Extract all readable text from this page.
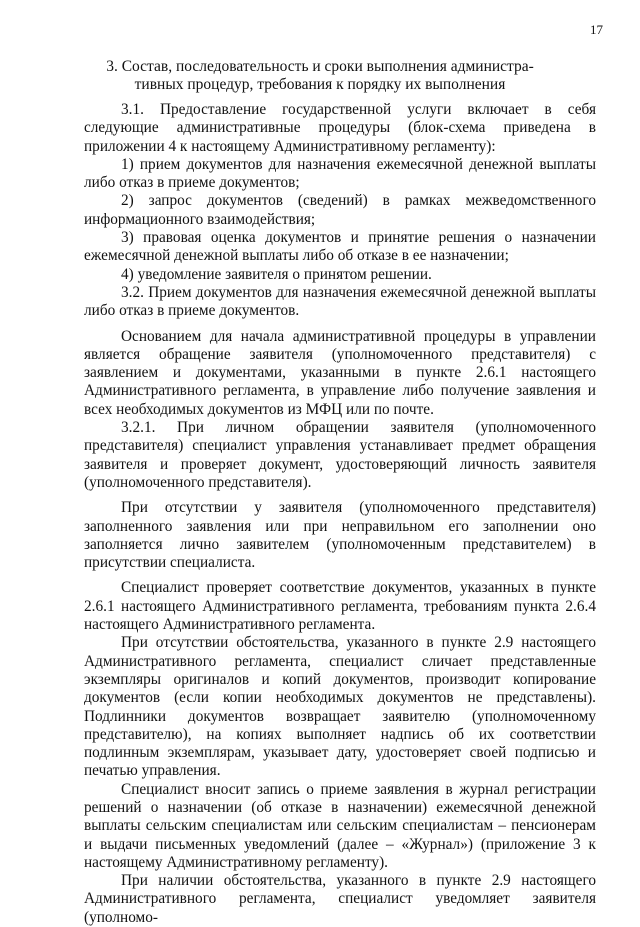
17
3. Состав, последовательность и сроки выполнения администра-
тивных процедур, требования к порядку их выполнения

3.1. Предоставление государственной услуги включает в себя следующие административные процедуры (блок-схема приведена в приложении 4 к настоящему Административному регламенту):

1) прием документов для назначения ежемесячной денежной выплаты либо отказ в приеме документов;

2) запрос документов (сведений) в рамках межведомственного информационного взаимодействия;

3) правовая оценка документов и принятие решения о назначении ежемесячной денежной выплаты либо об отказе в ее назначении;

4) уведомление заявителя о принятом решении.

3.2. Прием документов для назначения ежемесячной денежной выплаты либо отказ в приеме документов.

Основанием для начала административной процедуры в управлении является обращение заявителя (уполномоченного представителя) с заявлением и документами, указанными в пункте 2.6.1 настоящего Административного регламента, в управление либо получение заявления и всех необходимых документов из МФЦ или по почте.

3.2.1. При личном обращении заявителя (уполномоченного представителя) специалист управления устанавливает предмет обращения заявителя и проверяет документ, удостоверяющий личность заявителя (уполномоченного представителя).

При отсутствии у заявителя (уполномоченного представителя) заполненного заявления или при неправильном его заполнении оно заполняется лично заявителем (уполномоченным представителем) в присутствии специалиста.

Специалист проверяет соответствие документов, указанных в пункте 2.6.1 настоящего Административного регламента, требованиям пункта 2.6.4 настоящего Административного регламента.

При отсутствии обстоятельства, указанного в пункте 2.9 настоящего Административного регламента, специалист сличает представленные экземпляры оригиналов и копий документов, производит копирование документов (если копии необходимых документов не представлены). Подлинники документов возвращает заявителю (уполномоченному представителю), на копиях выполняет надпись об их соответствии подлинным экземплярам, указывает дату, удостоверяет своей подписью и печатью управления.

Специалист вносит запись о приеме заявления в журнал регистрации решений о назначении (об отказе в назначении) ежемесячной денежной выплаты сельским специалистам или сельским специалистам – пенсионерам и выдачи письменных уведомлений (далее – «Журнал») (приложение 3 к настоящему Административному регламенту).

При наличии обстоятельства, указанного в пункте 2.9 настоящего Административного регламента, специалист уведомляет заявителя (уполномо-
